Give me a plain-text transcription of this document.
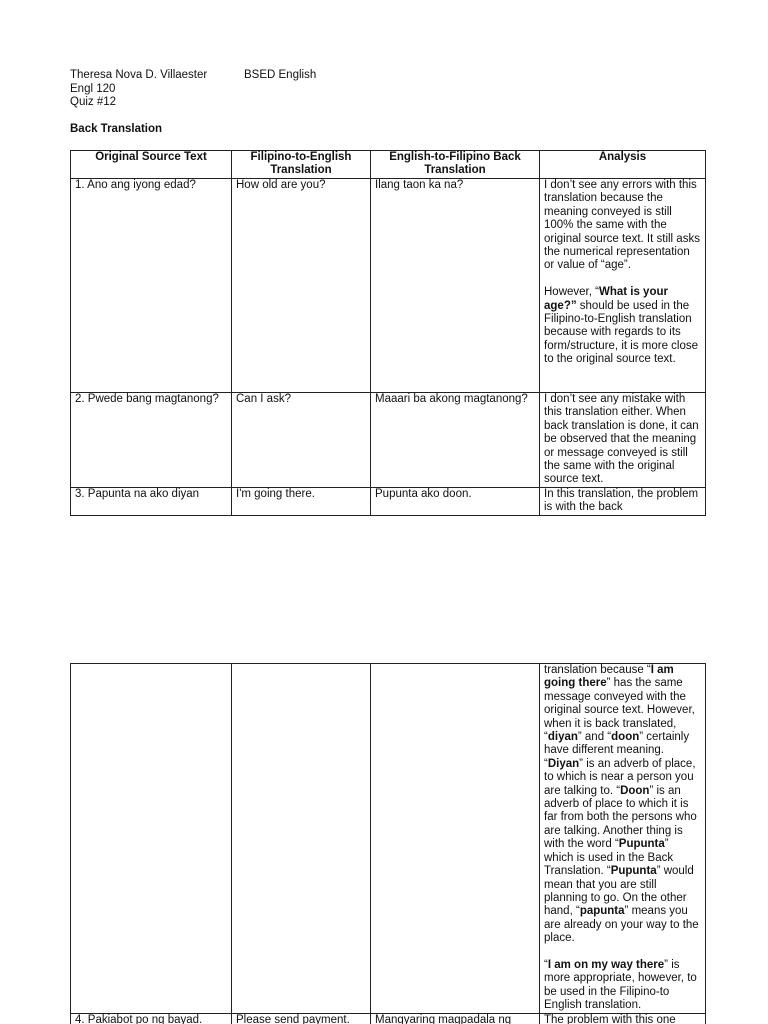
Theresa Nova D. Villaester	BSED English
Engl 120
Quiz #12
Back Translation
Original Source Text	Filipino-to-English Translation	English-to-Filipino Back Translation	Analysis
1. Ano ang iyong edad?	How old are you?	Ilang taon ka na?	I don’t see any errors with this translation because the meaning conveyed is still 100% the same with the original source text. It still asks the numerical representation or value of “age”.
However, “What is your age?” should be used in the Filipino-to-English translation because with regards to its form/structure, it is more close to the original source text.

2. Pwede bang magtanong?	Can I ask?	Maaari ba akong magtanong?	I don’t see any mistake with this translation either. When back translation is done, it can be observed that the meaning or message conveyed is still the same with the original source text.
3. Papunta na ako diyan	I'm going there.	Pupunta ako doon.	In this translation, the problem is with the back

			translation because “I am going there” has the same message conveyed with the original source text. However, when it is back translated, “diyan” and “doon” certainly have different meaning. “Diyan” is an adverb of place, to which is near a person you are talking to. “Doon” is an adverb of place to which it is far from both the persons who are talking. Another thing is with the word “Pupunta” which is used in the Back Translation. “Pupunta” would mean that you are still planning to go. On the other hand, “papunta” means you are already on your way to the place.
“I am on my way there” is more appropriate, however, to be used in the Filipino-to English translation.

4. Pakiabot po ng bayad.	Please send payment.	Mangyaring magpadala ng	The problem with this one
